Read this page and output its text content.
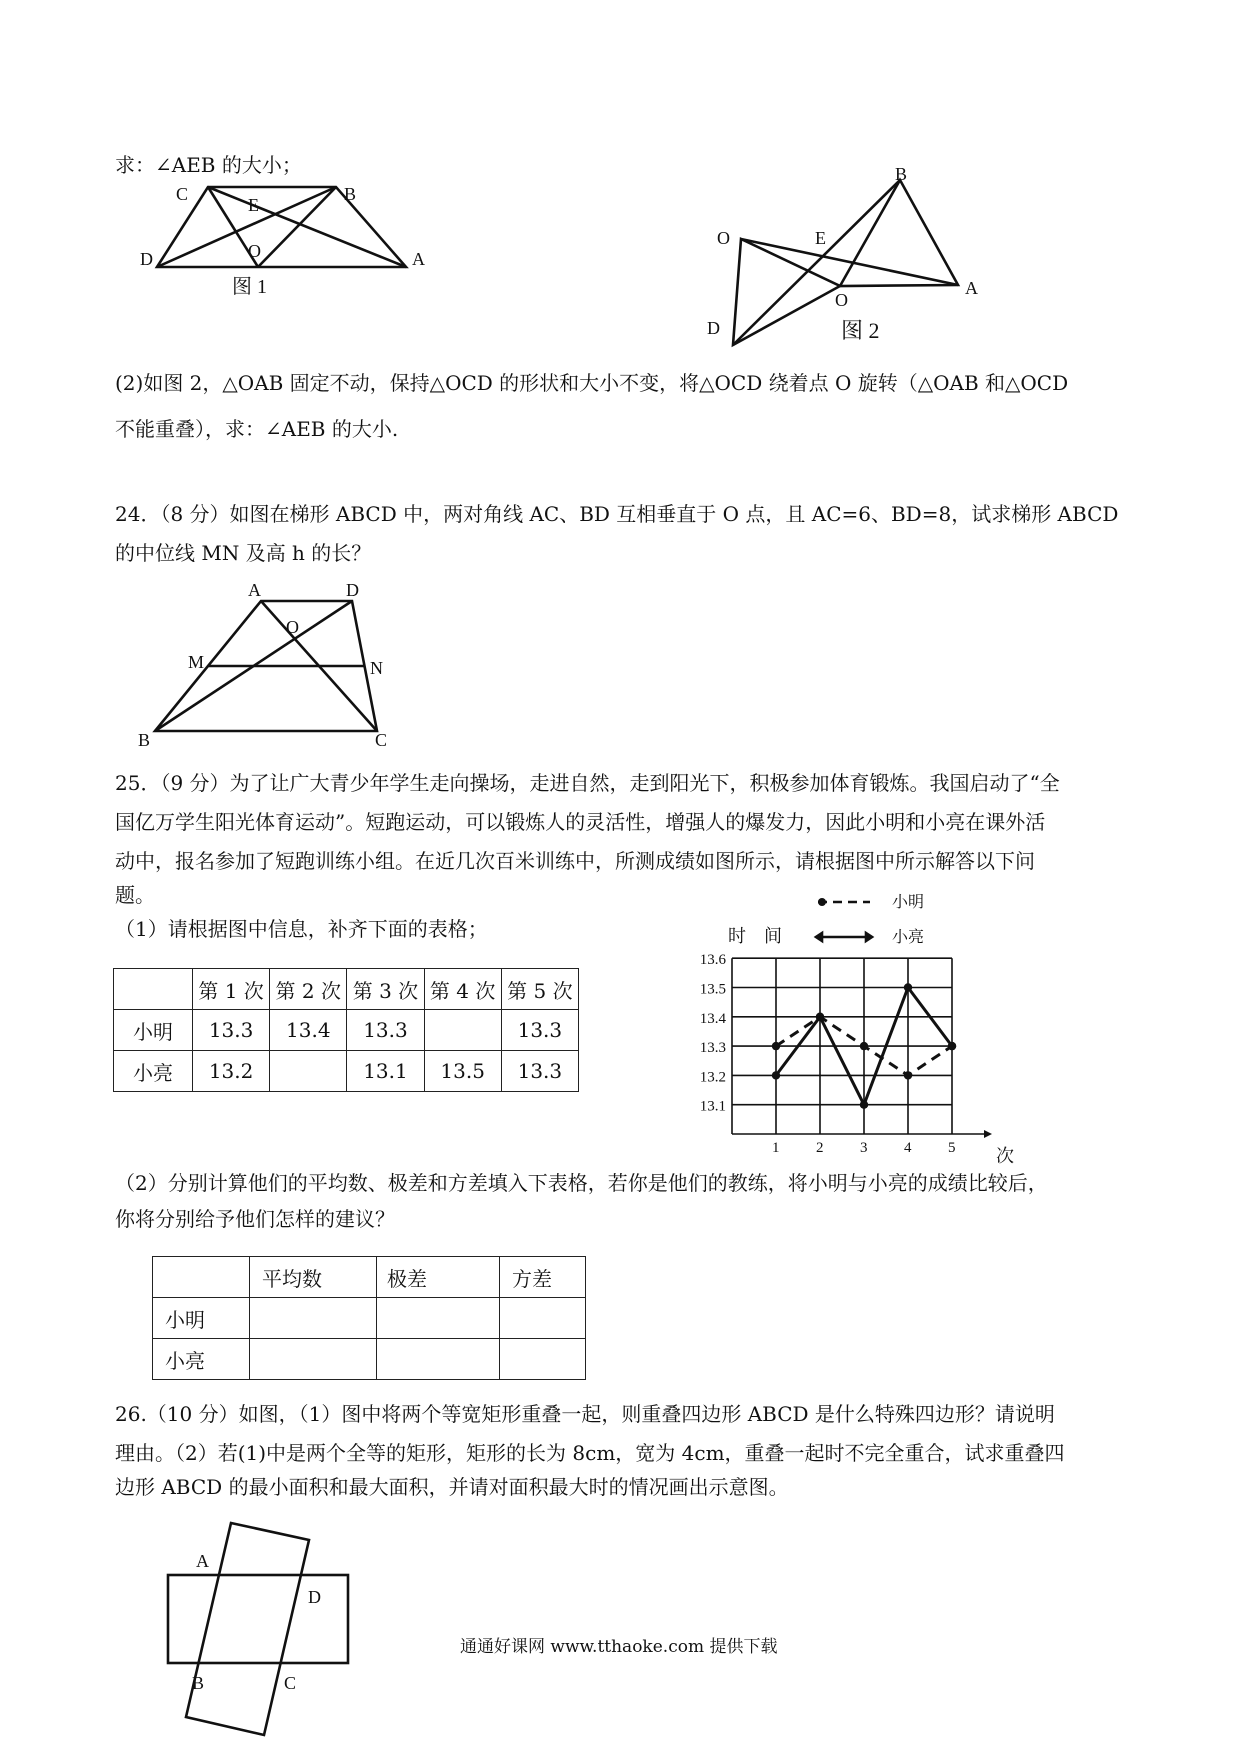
求：∠AEB 的大小；
C	B
E
O
D	A
图 1
B
O	E
O
A
D	图 2
(2)如图 2，△OAB 固定不动，保持△OCD 的形状和大小不变，将△OCD 绕着点 O 旋转（△OAB 和△OCD
不能重叠），求：∠AEB 的大小.
24．（8 分）如图在梯形 ABCD 中，两对角线 AC、BD 互相垂直于 O 点，且 AC=6、BD=8，试求梯形 ABCD
的中位线 MN 及高 h 的长？
A	D
O
M	N
B	C
25．（9 分）为了让广大青少年学生走向操场，走进自然，走到阳光下，积极参加体育锻炼。我国启动了“全
国亿万学生阳光体育运动”。短跑运动，可以锻炼人的灵活性，增强人的爆发力，因此小明和小亮在课外活
动中，报名参加了短跑训练小组。在近几次百米训练中，所测成绩如图所示，请根据图中所示解答以下问
题。
（1）请根据图中信息，补齐下面的表格；
	第 1 次	第 2 次	第 3 次	第 4 次	第 5 次
小明	13.3	13.4	13.3		13.3
小亮	13.2		13.1	13.5	13.3
13.6
13.5
13.4
13.3
13.2
13.1
1 2 3 4 5
时　间
次
小明
小亮
（2）分别计算他们的平均数、极差和方差填入下表格，若你是他们的教练，将小明与小亮的成绩比较后，
你将分别给予他们怎样的建议？
	平均数	极差	方差
小明			
小亮			
26.（10 分）如图，（1）图中将两个等宽矩形重叠一起，则重叠四边形 ABCD 是什么特殊四边形？请说明
理由。（2）若(1)中是两个全等的矩形，矩形的长为 8cm，宽为 4cm，重叠一起时不完全重合，试求重叠四
边形 ABCD 的最小面积和最大面积，并请对面积最大时的情况画出示意图。
A
D
B	C
通通好课网 www.tthaoke.com 提供下载
